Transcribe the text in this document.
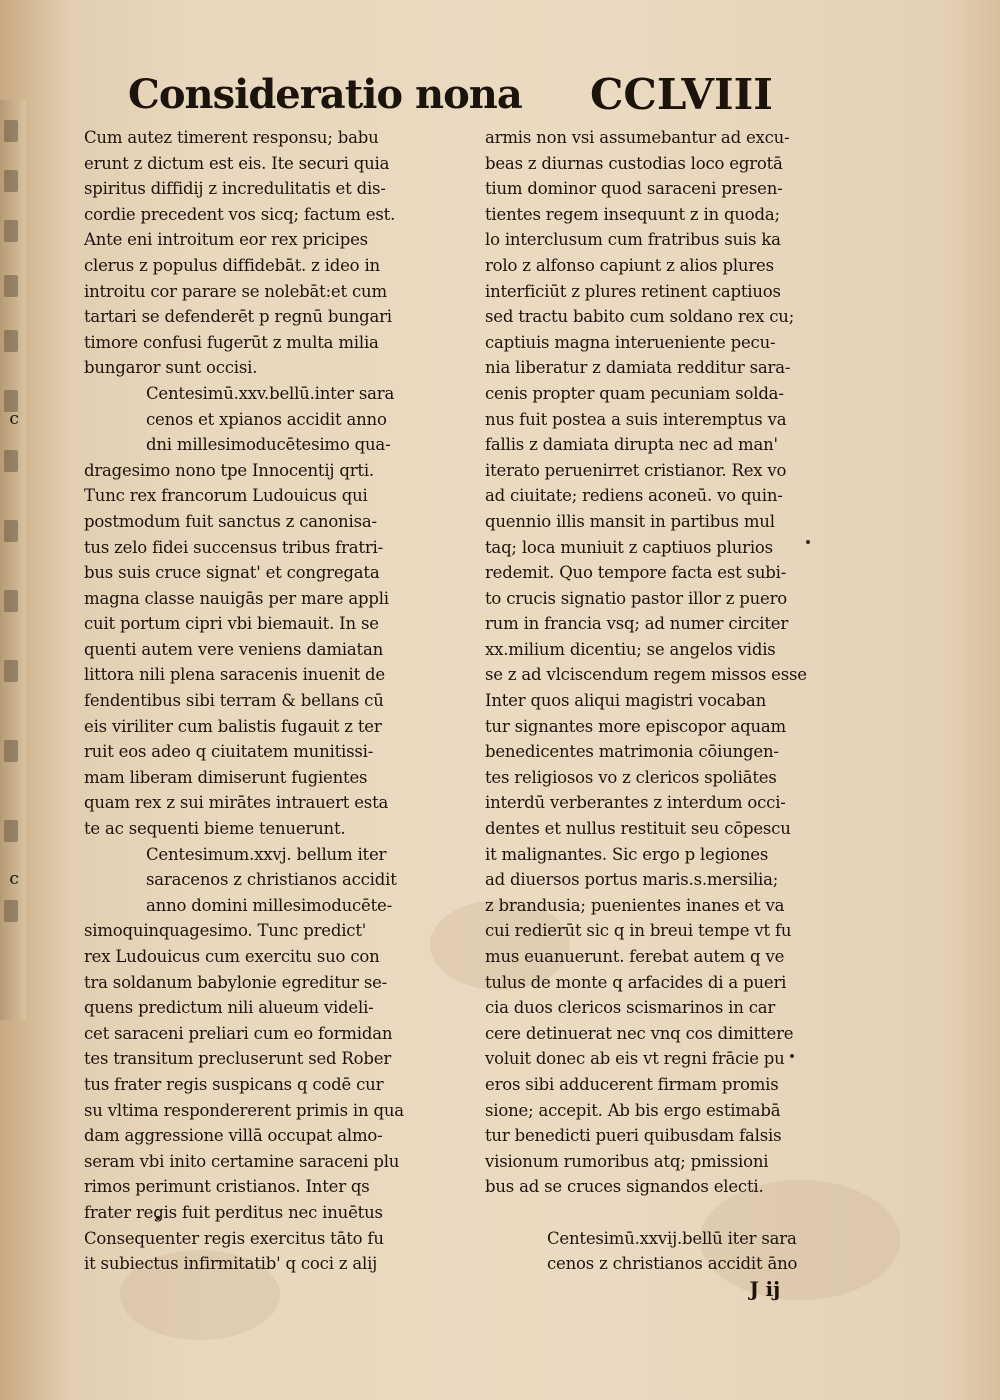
Consideratio nona CCLVIII
Cum autez timerent responsu; babu
erunt z dictum est eis. Ite securi quia
spiritus diffidij z incredulitatis et dis-
cordie precedent vos sicq; factum est.
Ante eni introitum eor rex pricipes
clerus z populus diffidebāt. z ideo in
introitu cor parare se nolebāt:et cum
tartari se defenderēt p regnū bungari
timore confusi fugerūt z multa milia
bungaror sunt occisi.
Centesimū.xxv.bellū.inter sara
c	cenos et xpianos accidit anno
dni millesimoducētesimo qua-
dragesimo nono tpe Innocentij qrti.
Tunc rex francorum Ludouicus qui
postmodum fuit sanctus z canonisa-
tus zelo fidei succensus tribus fratri-
bus suis cruce signat' et congregata
magna classe nauigās per mare appli
cuit portum cipri vbi biemauit. In se
quenti autem vere veniens damiatan
littora nili plena saracenis inuenit de
fendentibus sibi terram & bellans cū
eis viriliter cum balistis fugauit z ter
ruit eos adeo q ciuitatem munitissi-
mam liberam dimiserunt fugientes
quam rex z sui mirātes intrauert esta
te ac sequenti bieme tenuerunt.
Centesimum.xxvj. bellum iter
c	saracenos z christianos accidit
anno domini millesimoducēte-
simoquinquagesimo. Tunc predict'
rex Ludouicus cum exercitu suo con
tra soldanum babylonie egreditur se-
quens predictum nili alueum videli-
cet saraceni preliari cum eo formidan
tes transitum precluserunt sed Rober
tus frater regis suspicans q codē cur
su vltima respondererent primis in qua
dam aggressione villā occupat almo-
seram vbi inito certamine saraceni plu
rimos perimunt cristianos. Inter qs
frater regis fuit perditus nec inuētus
Consequenter regis exercitus tāto fu
it subiectus infirmitatib' q coci z alij
armis non vsi assumebantur ad excu-
beas z diurnas custodias loco egrotā
tium dominor quod saraceni presen-
tientes regem insequunt z in quoda;
lo interclusum cum fratribus suis ka
rolo z alfonso capiunt z alios plures
interficiūt z plures retinent captiuos
sed tractu babito cum soldano rex cu;
captiuis magna interueniente pecu-
nia liberatur z damiata redditur sara-
cenis propter quam pecuniam solda-
nus fuit postea a suis interemptus va
fallis z damiata dirupta nec ad man'
iterato peruenirret cristianor. Rex vo
ad ciuitate; rediens aconeū. vo quin-
quennio illis mansit in partibus mul
taq; loca muniuit z captiuos plurios
redemit. Quo tempore facta est subi-
to crucis signatio pastor illor z puero
rum in francia vsq; ad numer circiter
xx.milium dicentiu; se angelos vidis
se z ad vlciscendum regem missos esse
Inter quos aliqui magistri vocaban
tur signantes more episcopor aquam
benedicentes matrimonia cōiungen-
tes religiosos vo z clericos spoliātes
interdū verberantes z interdum occi-
dentes et nullus restituit seu cōpescu
it malignantes. Sic ergo p legiones
ad diuersos portus maris.s.mersilia;
z brandusia; puenientes inanes et va
cui redierūt sic q in breui tempe vt fu
mus euanuerunt. ferebat autem q ve
tulus de monte q arfacides di a pueri
cia duos clericos scismarinos in car
cere detinuerat nec vnq cos dimittere
voluit donec ab eis vt regni frācie pu
eros sibi adducerent firmam promis
sione; accepit. Ab bis ergo estimabā
tur benedicti pueri quibusdam falsis
visionum rumoribus atq; pmissioni
bus ad se cruces signandos electi.
Centesimū.xxvij.bellū iter sara
cenos z christianos accidit āno
J ij
